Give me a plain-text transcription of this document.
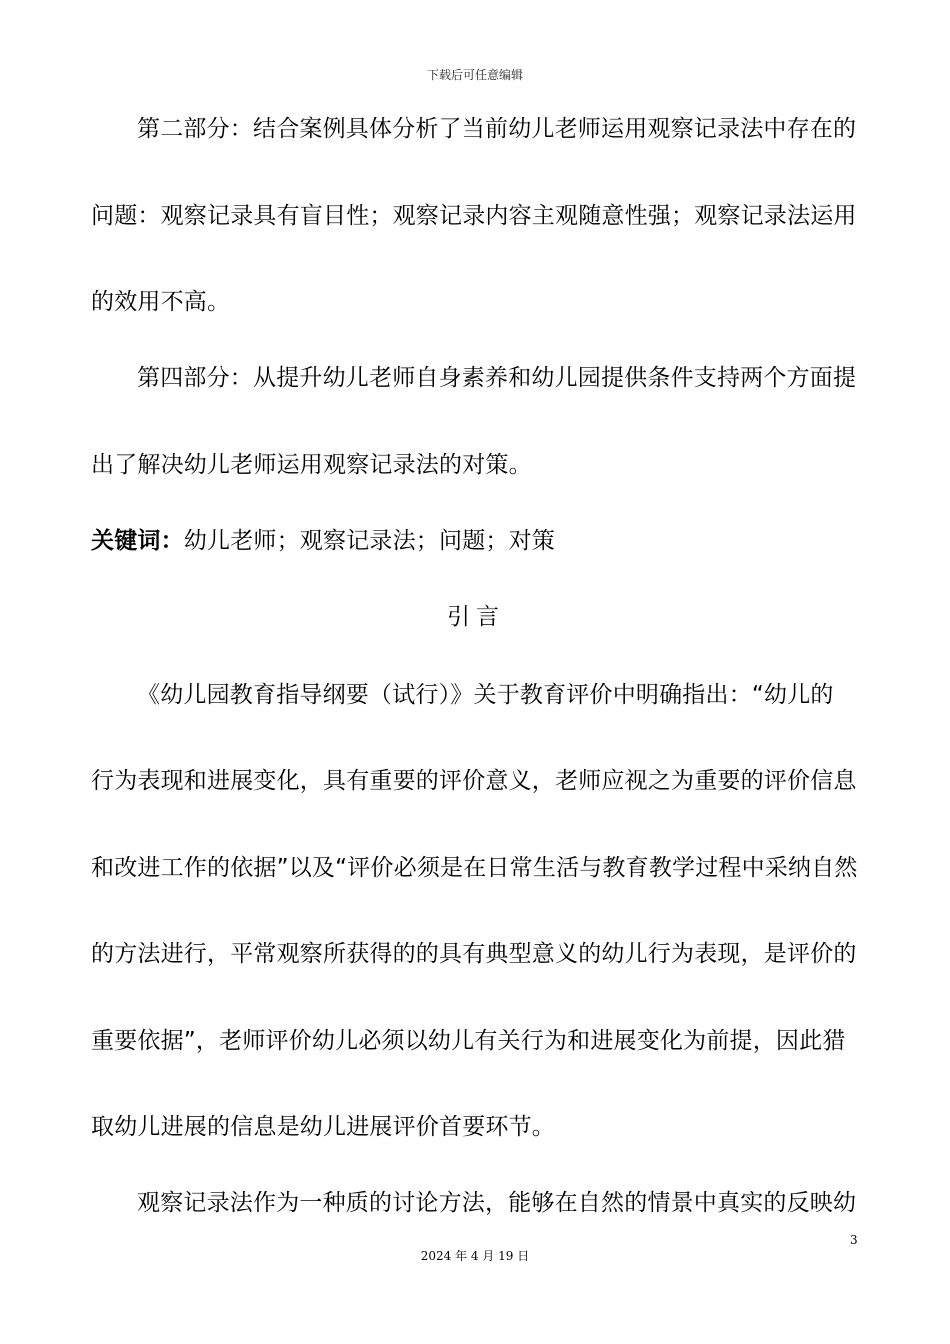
下载后可任意编辑
第二部分：结合案例具体分析了当前幼儿老师运用观察记录法中存在的
问题：观察记录具有盲目性；观察记录内容主观随意性强；观察记录法运用
的效用不高。
第四部分：从提升幼儿老师自身素养和幼儿园提供条件支持两个方面提
出了解决幼儿老师运用观察记录法的对策。
关键词：幼儿老师；观察记录法；问题；对策
引言
《幼儿园教育指导纲要（试行）》关于教育评价中明确指出：“幼儿的
行为表现和进展变化，具有重要的评价意义，老师应视之为重要的评价信息
和改进工作的依据”以及“评价必须是在日常生活与教育教学过程中采纳自然
的方法进行，平常观察所获得的的具有典型意义的幼儿行为表现，是评价的
重要依据”，老师评价幼儿必须以幼儿有关行为和进展变化为前提，因此猎
取幼儿进展的信息是幼儿进展评价首要环节。
观察记录法作为一种质的讨论方法，能够在自然的情景中真实的反映幼
3
2024 年 4 月 19 日
